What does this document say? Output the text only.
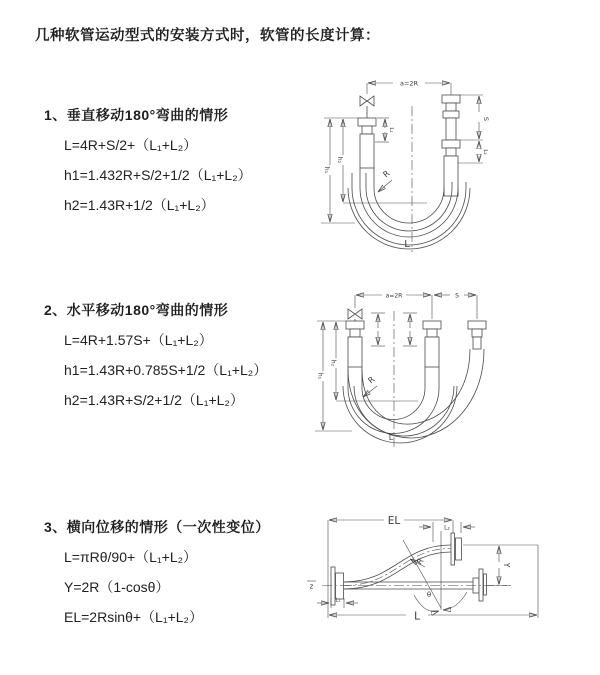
几种软管运动型式的安装方式时，软管的长度计算：
1、垂直移动180°弯曲的情形

L=4R+S/2+（L₁+L₂）

h1=1.432R+S/2+1/2（L₁+L₂）

h2=1.43R+1/2（L₁+L₂）

a=2R
L₁
S
L₂
h₁
h₂
R
L
2、水平移动180°弯曲的情形

L=4R+1.57S+（L₁+L₂）

h1=1.43R+0.785S+1/2（L₁+L₂）

h2=1.43R+S/2+1/2（L₁+L₂）

a=2R	S
h₁
h₂
R
L
3、横向位移的情形（一次性变位）

L=πRθ/90+（L₁+L₂）

Y=2R（1-cosθ）

EL=2Rsinθ+（L₁+L₂）

EL
L₂
z
Y
θ
R
L
L₁
